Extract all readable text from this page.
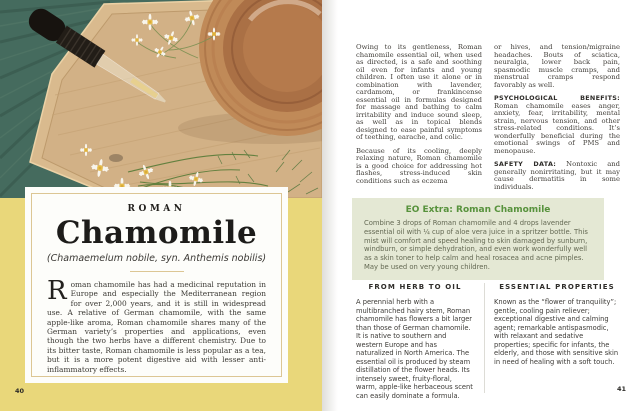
ROMAN
Chamomile
(Chamaemelum nobile, syn. Anthemis nobilis)

Roman chamomile has had a medicinal reputation in Europe and especially the Mediterranean region for over 2,000 years, and it is still in widespread use. A relative of German chamomile, with the same apple-like aroma, Roman chamomile shares many of the German variety’s properties and applications, even though the two herbs have a different chemistry. Due to its bitter taste, Roman chamomile is less popular as a tea, but it is a more potent digestive aid with lesser anti-inflammatory effects.

40

Owing to its gentleness, Roman chamomile essential oil, when used as directed, is a safe and soothing oil even for infants and young children. I often use it alone or in combination with lavender, cardamom, or frankincense essential oil in formulas designed for massage and bathing to calm irritability and induce sound sleep, as well as in topical blends designed to ease painful symptoms of teething, earache, and colic.

Because of its cooling, deeply relaxing nature, Roman chamomile is a good choice for addressing hot flashes, stress-induced skin conditions such as eczema

or hives, and tension/migraine headaches. Bouts of sciatica, neuralgia, lower back pain, spasmodic muscle cramps, and menstrual cramps respond favorably as well.

PSYCHOLOGICAL BENEFITS: Roman chamomile eases anger, anxiety, fear, irritability, mental strain, nervous tension, and other stress-related conditions. It’s wonderfully beneficial during the emotional swings of PMS and menopause.

SAFETY DATA: Nontoxic and generally nonirritating, but it may cause dermatitis in some individuals.

EO Extra: Roman Chamomile

Combine 3 drops of Roman chamomile and 4 drops lavender essential oil with ¼ cup of aloe vera juice in a spritzer bottle. This mist will comfort and speed healing to skin damaged by sunburn, windburn, or simple dehydration, and even work wonderfully well as a skin toner to help calm and heal rosacea and acne pimples. May be used on very young children.

FROM HERB TO OIL

A perennial herb with a multibranched hairy stem, Roman chamomile has flowers a bit larger than those of German chamomile. It is native to southern and western Europe and has naturalized in North America. The essential oil is produced by steam distillation of the flower heads. Its intensely sweet, fruity-floral, warm, apple-like herbaceous scent can easily dominate a formula.

ESSENTIAL PROPERTIES

Known as the “flower of tranquility”; gentle, cooling pain reliever; exceptional digestive and calming agent; remarkable antispasmodic, with relaxant and sedative properties; specific for infants, the elderly, and those with sensitive skin in need of healing with a soft touch.

41
